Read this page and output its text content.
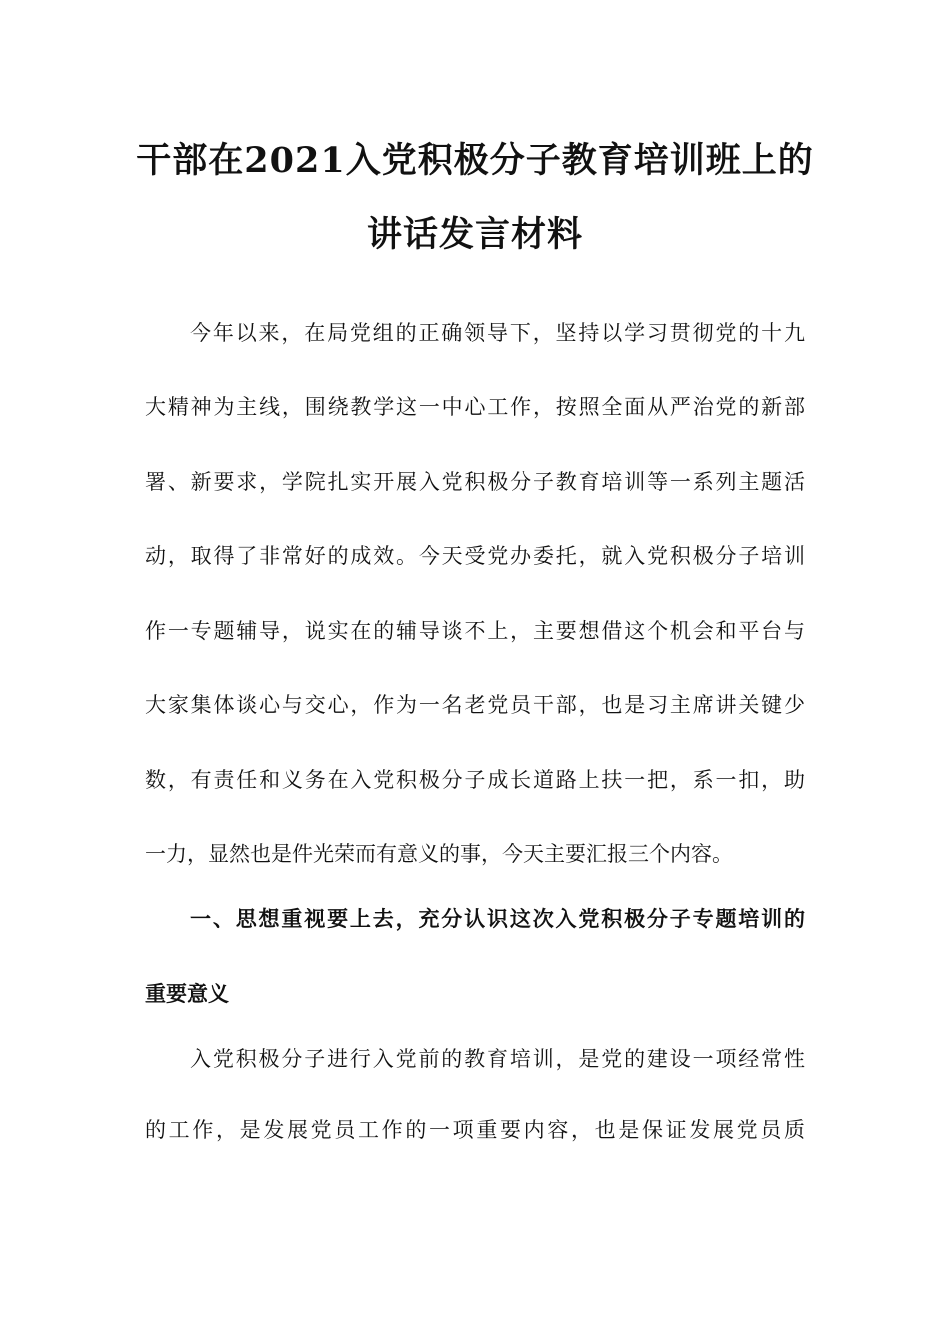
干部在2021入党积极分子教育培训班上的
讲话发言材料
今年以来，在局党组的正确领导下，坚持以学习贯彻党的十九
大精神为主线，围绕教学这一中心工作，按照全面从严治党的新部
署、新要求，学院扎实开展入党积极分子教育培训等一系列主题活
动，取得了非常好的成效。今天受党办委托，就入党积极分子培训
作一专题辅导，说实在的辅导谈不上，主要想借这个机会和平台与
大家集体谈心与交心，作为一名老党员干部，也是习主席讲关键少
数，有责任和义务在入党积极分子成长道路上扶一把，系一扣，助
一力，显然也是件光荣而有意义的事，今天主要汇报三个内容。
一、思想重视要上去，充分认识这次入党积极分子专题培训的
重要意义
入党积极分子进行入党前的教育培训，是党的建设一项经常性
的工作，是发展党员工作的一项重要内容，也是保证发展党员质
